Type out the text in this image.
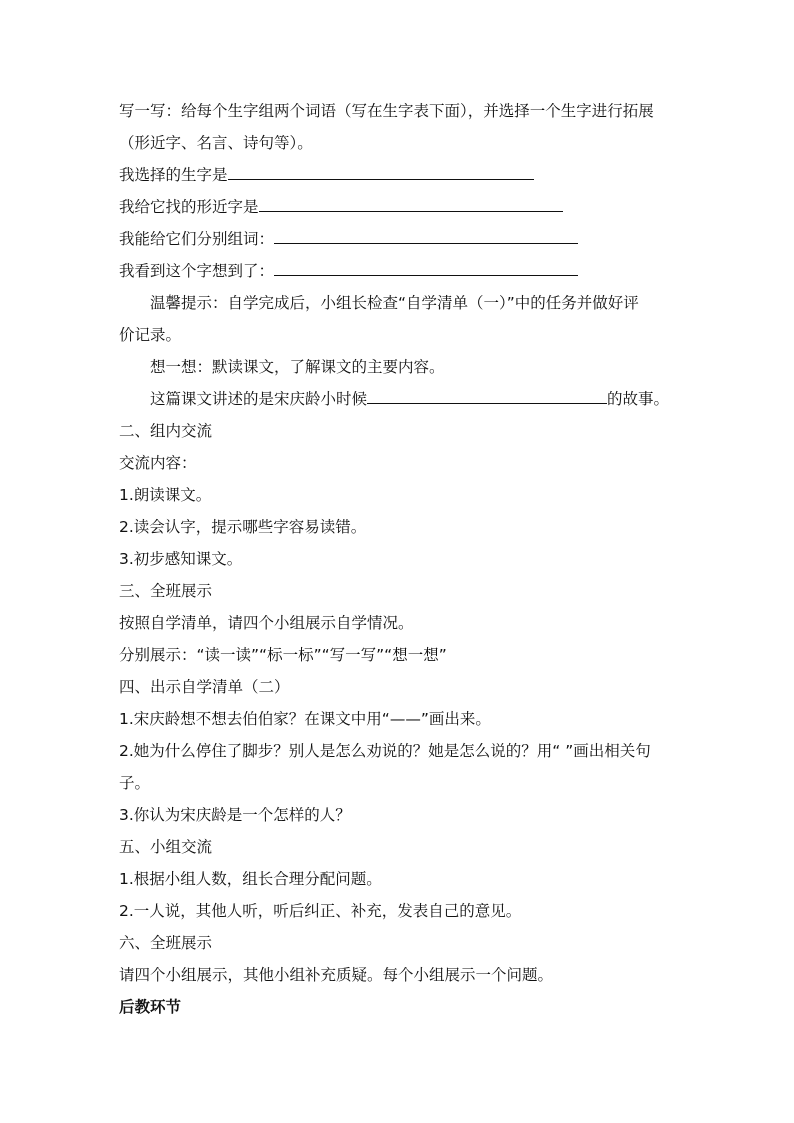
写一写：给每个生字组两个词语（写在生字表下面），并选择一个生字进行拓展
（形近字、名言、诗句等）。
我选择的生字是
我给它找的形近字是
我能给它们分别组词：
我看到这个字想到了：
温馨提示：自学完成后，小组长检查“自学清单（一）”中的任务并做好评
价记录。
想一想：默读课文，了解课文的主要内容。
这篇课文讲述的是宋庆龄小时候	的故事。
二、组内交流
交流内容：
1.朗读课文。
2.读会认字，提示哪些字容易读错。
3.初步感知课文。
三、全班展示
按照自学清单，请四个小组展示自学情况。
分别展示：“读一读”“标一标”“写一写”“想一想”
四、出示自学清单（二）
1.宋庆龄想不想去伯伯家？在课文中用“——”画出来。
2.她为什么停住了脚步？别人是怎么劝说的？她是怎么说的？用“ ”画出相关句
子。
3.你认为宋庆龄是一个怎样的人？
五、小组交流
1.根据小组人数，组长合理分配问题。
2.一人说，其他人听，听后纠正、补充，发表自己的意见。
六、全班展示
请四个小组展示，其他小组补充质疑。每个小组展示一个问题。
后教环节
